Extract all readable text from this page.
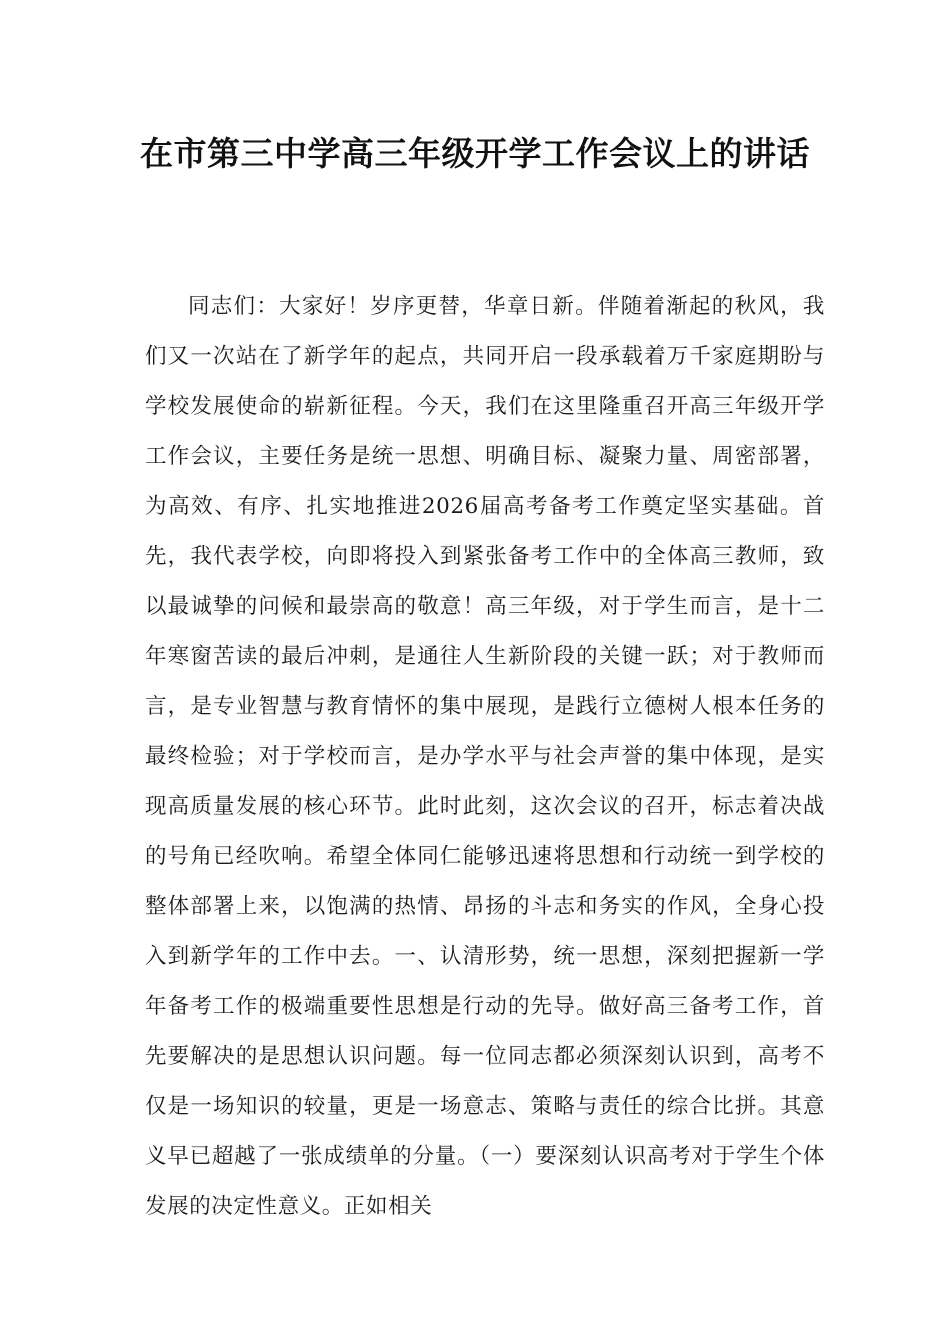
在市第三中学高三年级开学工作会议上的讲话

同志们：大家好！岁序更替，华章日新。伴随着渐起的秋风，我们又一次站在了新学年的起点，共同开启一段承载着万千家庭期盼与学校发展使命的崭新征程。今天，我们在这里隆重召开高三年级开学工作会议，主要任务是统一思想、明确目标、凝聚力量、周密部署，为高效、有序、扎实地推进2026届高考备考工作奠定坚实基础。首先，我代表学校，向即将投入到紧张备考工作中的全体高三教师，致以最诚挚的问候和最崇高的敬意！高三年级，对于学生而言，是十二年寒窗苦读的最后冲刺，是通往人生新阶段的关键一跃；对于教师而言，是专业智慧与教育情怀的集中展现，是践行立德树人根本任务的最终检验；对于学校而言，是办学水平与社会声誉的集中体现，是实现高质量发展的核心环节。此时此刻，这次会议的召开，标志着决战的号角已经吹响。希望全体同仁能够迅速将思想和行动统一到学校的整体部署上来，以饱满的热情、昂扬的斗志和务实的作风，全身心投入到新学年的工作中去。一、认清形势，统一思想，深刻把握新一学年备考工作的极端重要性思想是行动的先导。做好高三备考工作，首先要解决的是思想认识问题。每一位同志都必须深刻认识到，高考不仅是一场知识的较量，更是一场意志、策略与责任的综合比拼。其意义早已超越了一张成绩单的分量。（一）要深刻认识高考对于学生个体发展的决定性意义。正如相关
